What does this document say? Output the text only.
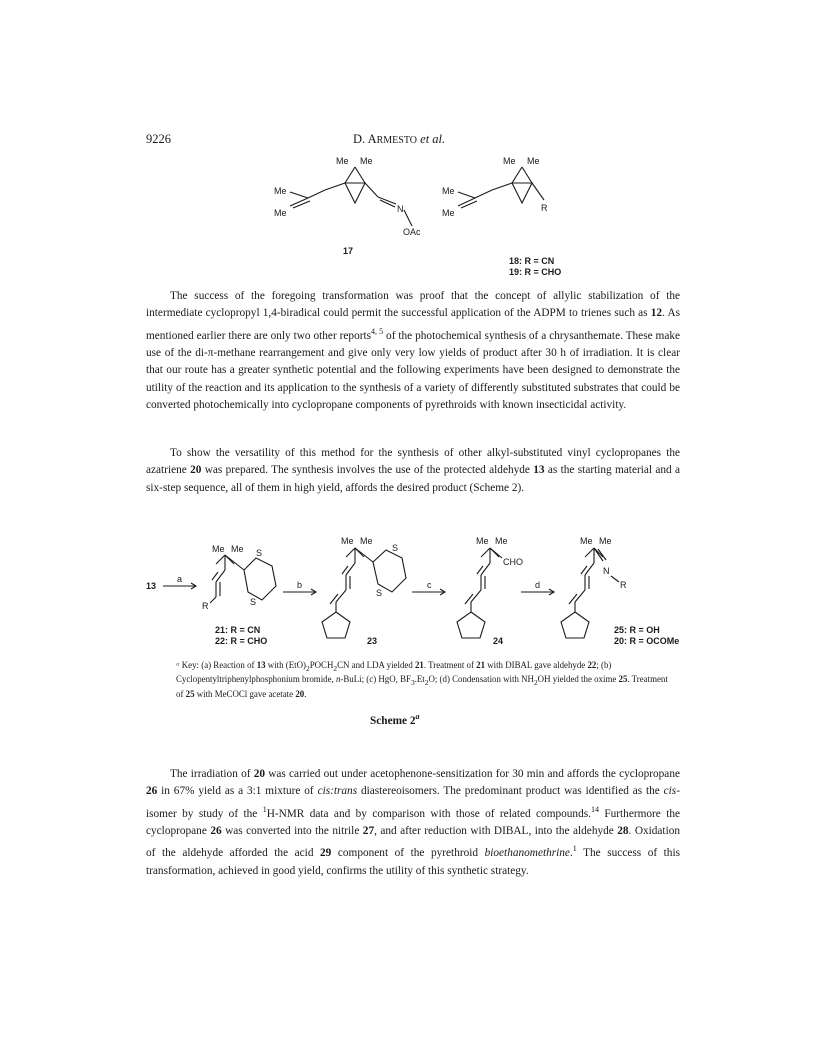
9226	D. ARMESTO et al.
Me Me
Me
Me	N
OAc
17
Me Me
Me
Me	R
18: R = CN
19: R = CHO
The success of the foregoing transformation was proof that the concept of allylic stabilization of the intermediate cyclopropyl 1,4-biradical could permit the successful application of the ADPM to trienes such as 12. As mentioned earlier there are only two other reports$^{4, 5}$ of the photochemical synthesis of a chrysanthemate. These make use of the di-π-methane rearrangement and give only very low yields of product after 30 h of irradiation. It is clear that our route has a greater synthetic potential and the following experiments have been designed to demonstrate the utility of the reaction and its application to the synthesis of a variety of differently substituted substrates that could be converted photochemically into cyclopropane components of pyrethroids with known insecticidal activity.
To show the versatility of this method for the synthesis of other alkyl-substituted vinyl cyclopropanes the azatriene 20 was prepared. The synthesis involves the use of the protected aldehyde 13 as the starting material and a six-step sequence, all of them in high yield, affords the desired product (Scheme 2).
13
a
Me Me S
S
R
21: R = CN
22: R = CHO
b
Me Me
S
S
23
c
Me Me
CHO
24
d
Me Me
N
R
25: R = OH
20: R = OCOMe
ᵃ Key: (a) Reaction of 13 with $(EtO)_2POCH_2CN$ and LDA yielded 21. Treatment of 21 with DIBAL gave aldehyde 22; (b) Cyclopentyltriphenylphosphonium bromide, n-BuLi; (c) HgO, $BF_3.Et_2O$; (d) Condensation with $NH_2OH$ yielded the oxime 25. Treatment of 25 with MeCOCl gave acetate 20.
Scheme 2$^a$
The irradiation of 20 was carried out under acetophenone-sensitization for 30 min and affords the cyclopropane 26 in 67% yield as a 3:1 mixture of cis:trans diastereoisomers. The predominant product was identified as the cis-isomer by study of the $^1$H-NMR data and by comparison with those of related compounds.$^{14}$ Furthermore the cyclopropane 26 was converted into the nitrile 27, and after reduction with DIBAL, into the aldehyde 28. Oxidation of the aldehyde afforded the acid 29 component of the pyrethroid bioethanomethrine.$^1$ The success of this transformation, achieved in good yield, confirms the utility of this synthetic strategy.
